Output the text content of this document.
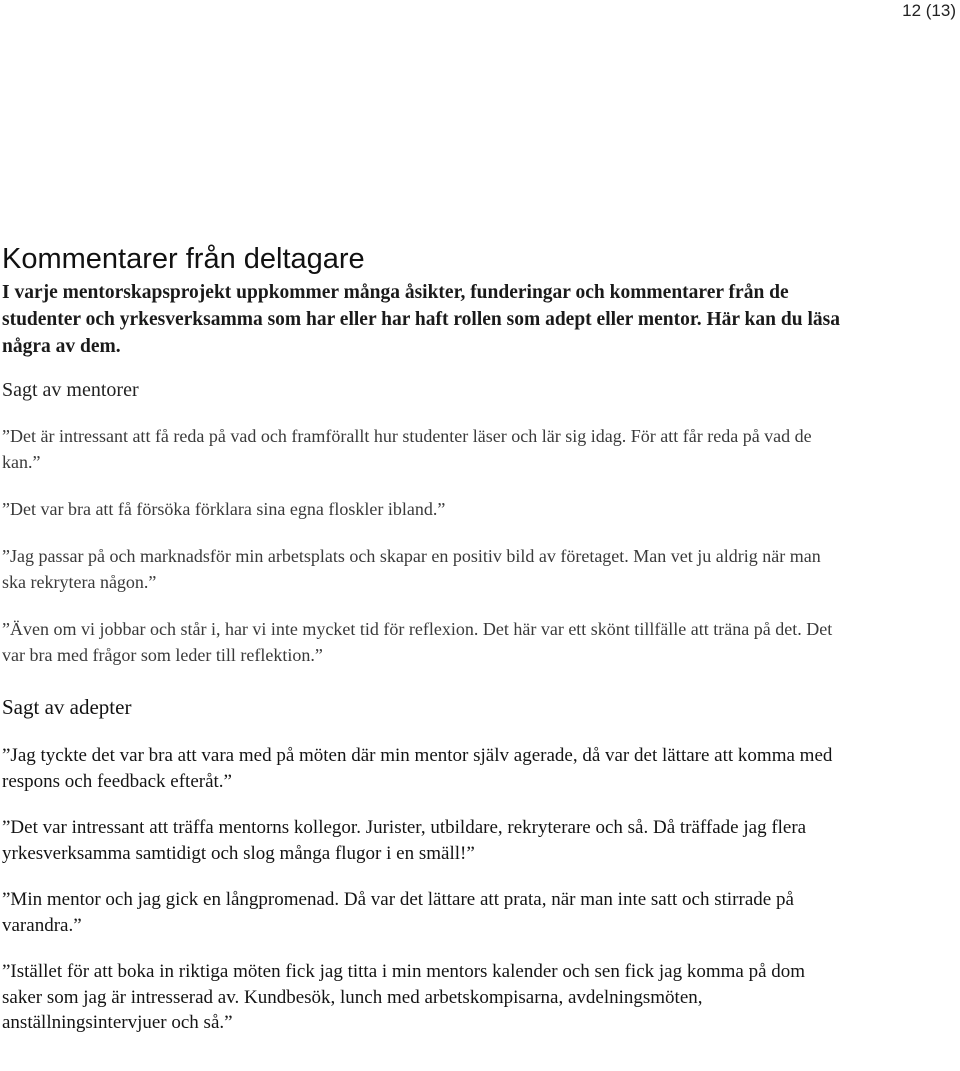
12 (13)
Kommentarer från deltagare

I varje mentorskapsprojekt uppkommer många åsikter, funderingar och kommentarer från de studenter och yrkesverksamma som har eller har haft rollen som adept eller mentor. Här kan du läsa några av dem.

Sagt av mentorer

”Det är intressant att få reda på vad och framförallt hur studenter läser och lär sig idag. För att får reda på vad de kan.”

”Det var bra att få försöka förklara sina egna floskler ibland.”

”Jag passar på och marknadsför min arbetsplats och skapar en positiv bild av företaget. Man vet ju aldrig när man ska rekrytera någon.”

”Även om vi jobbar och står i, har vi inte mycket tid för reflexion. Det här var ett skönt tillfälle att träna på det. Det var bra med frågor som leder till reflektion.”

Sagt av adepter

”Jag tyckte det var bra att vara med på möten där min mentor själv agerade, då var det lättare att komma med respons och feedback efteråt.”

”Det var intressant att träffa mentorns kollegor. Jurister, utbildare, rekryterare och så. Då träffade jag flera yrkesverksamma samtidigt och slog många flugor i en smäll!”

”Min mentor och jag gick en långpromenad. Då var det lättare att prata, när man inte satt och stirrade på varandra.”

”Istället för att boka in riktiga möten fick jag titta i min mentors kalender och sen fick jag komma på dom saker som jag är intresserad av. Kundbesök, lunch med arbetskompisarna, avdelningsmöten, anställningsintervjuer och så.”
